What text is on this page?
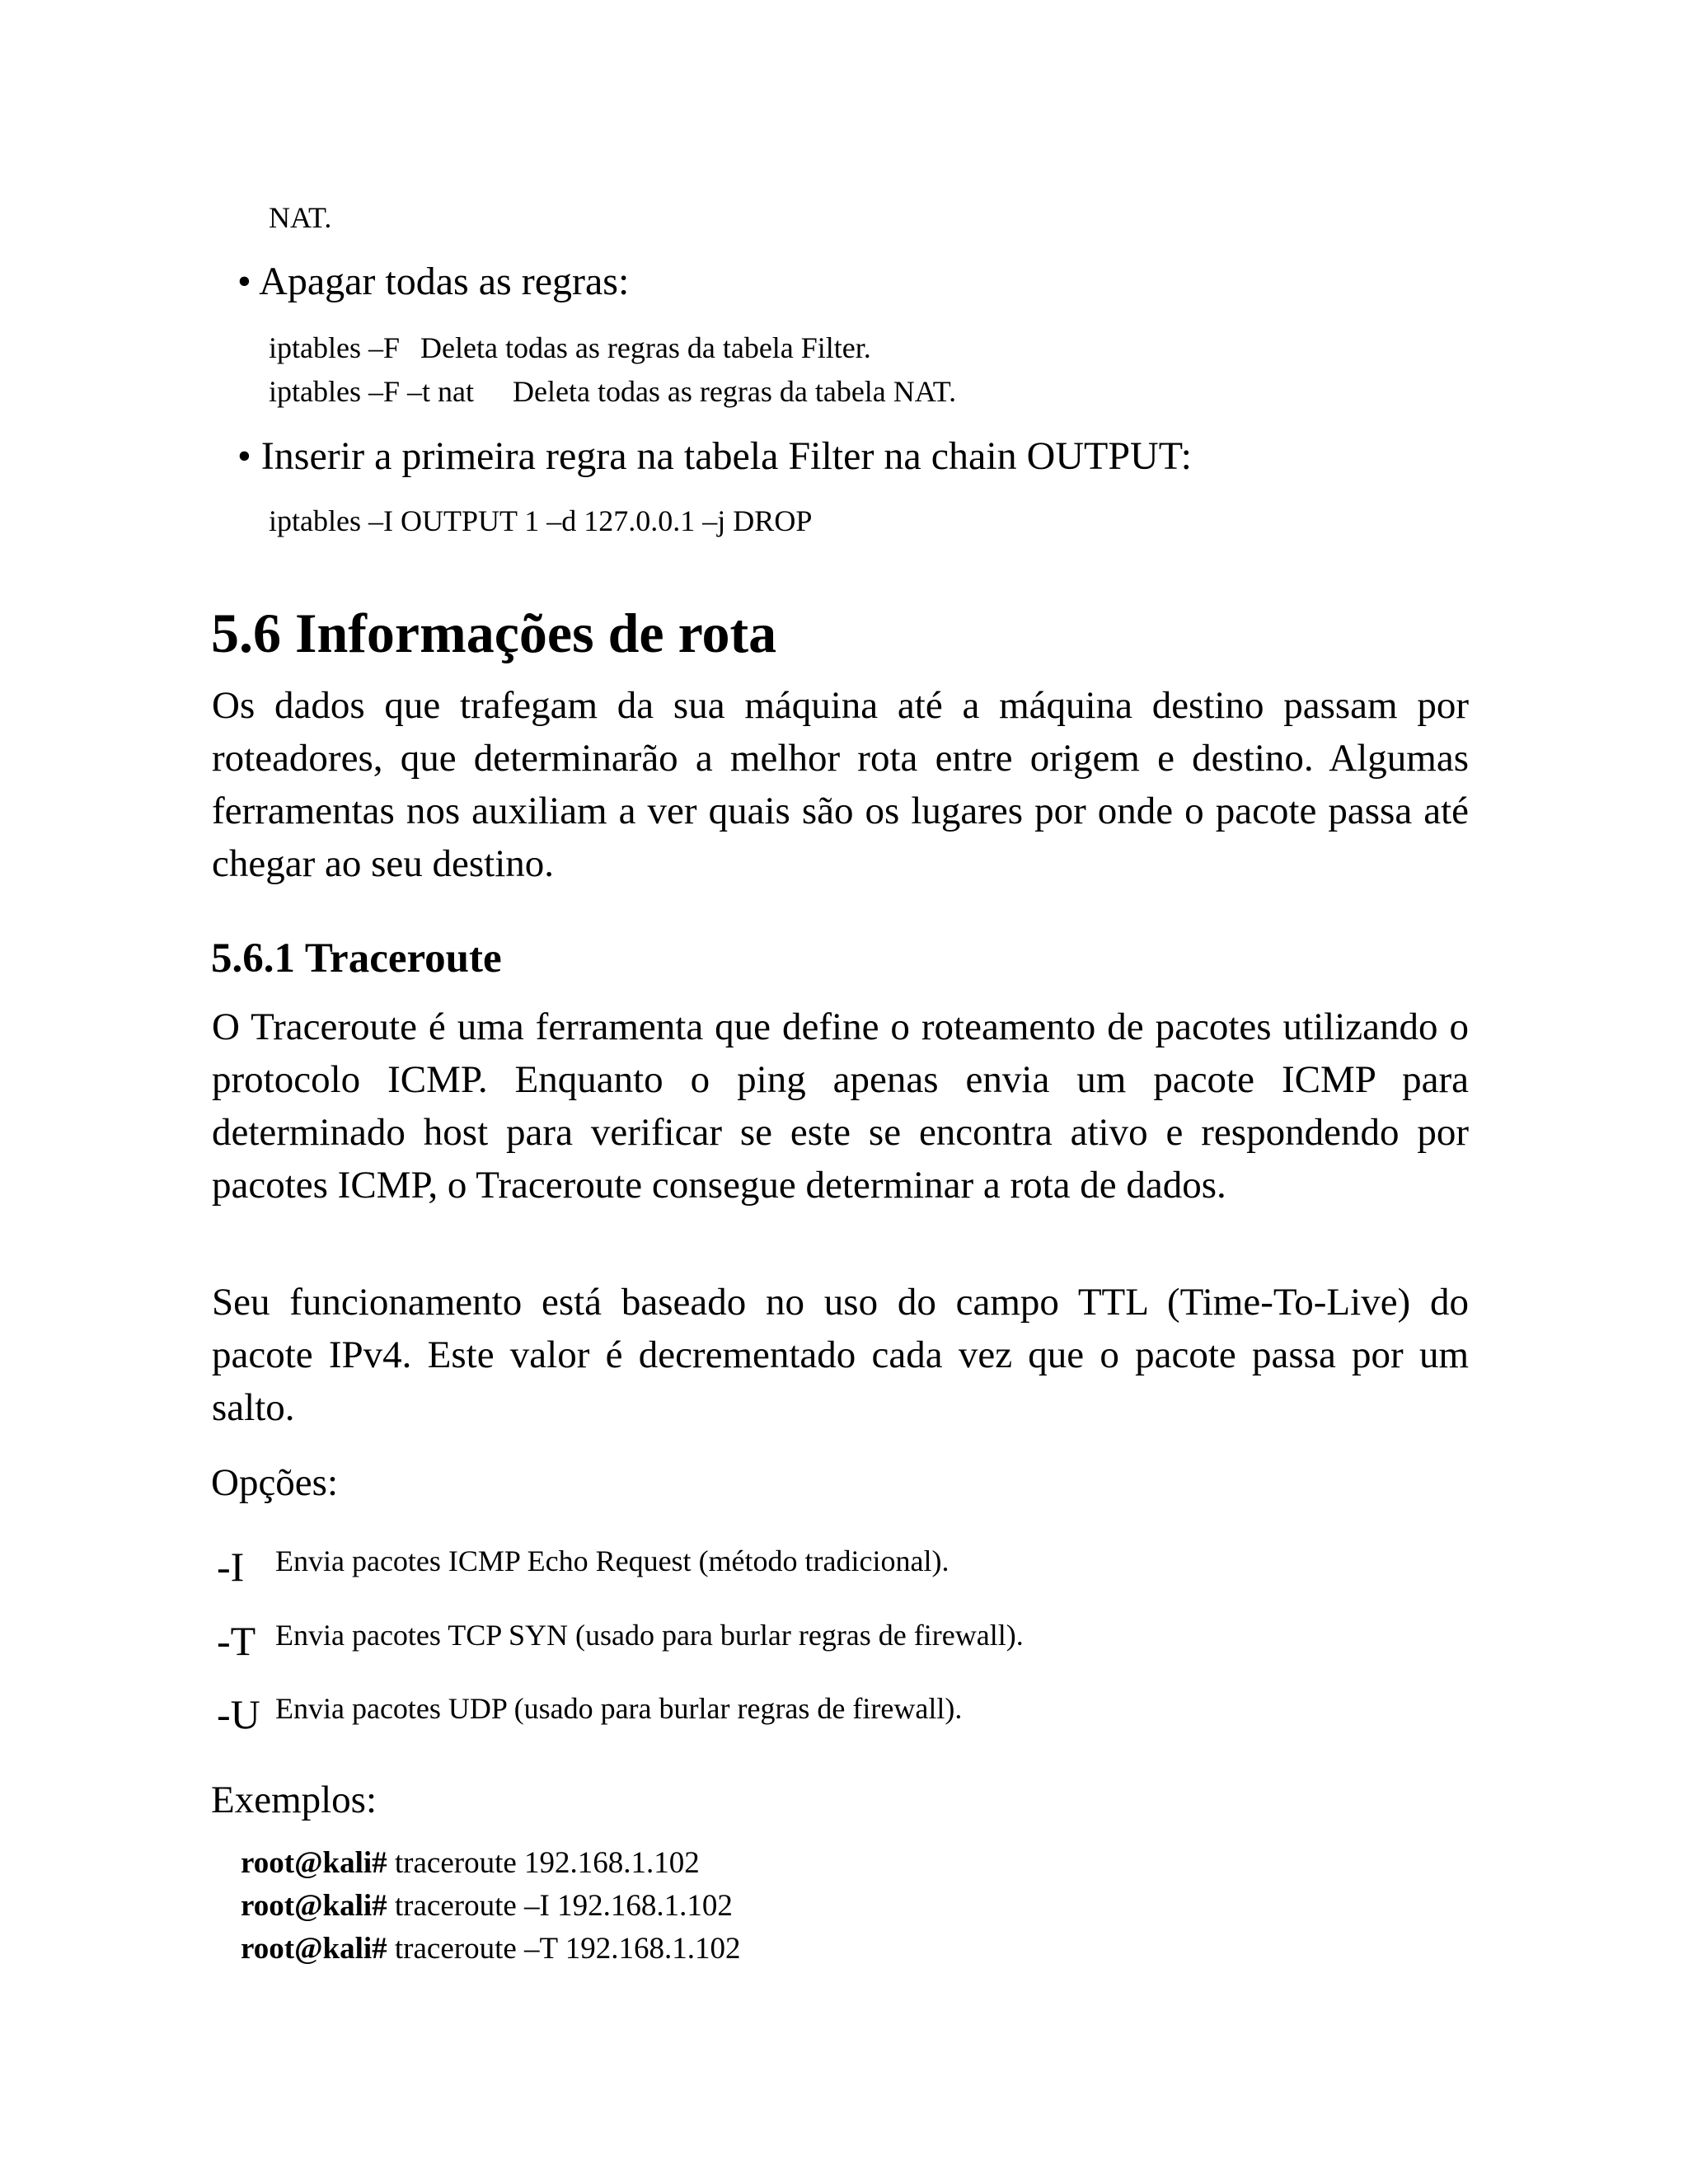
NAT.
• Apagar todas as regras:
iptables –F Deleta todas as regras da tabela Filter.
iptables –F –t nat Deleta todas as regras da tabela NAT.
• Inserir a primeira regra na tabela Filter na chain OUTPUT:
iptables –I OUTPUT 1 –d 127.0.0.1 –j DROP
5.6 Informações de rota
Os dados que trafegam da sua máquina até a máquina destino passam por roteadores, que determinarão a melhor rota entre origem e destino. Algumas ferramentas nos auxiliam a ver quais são os lugares por onde o pacote passa até chegar ao seu destino.
5.6.1 Traceroute
O Traceroute é uma ferramenta que define o roteamento de pacotes utilizando o protocolo ICMP. Enquanto o ping apenas envia um pacote ICMP para determinado host para verificar se este se encontra ativo e respondendo por pacotes ICMP, o Traceroute consegue determinar a rota de dados.
Seu funcionamento está baseado no uso do campo TTL (Time-To-Live) do pacote IPv4. Este valor é decrementado cada vez que o pacote passa por um salto.
Opções:
-I Envia pacotes ICMP Echo Request (método tradicional).
-T Envia pacotes TCP SYN (usado para burlar regras de firewall).
-U Envia pacotes UDP (usado para burlar regras de firewall).
Exemplos:
root@kali# traceroute 192.168.1.102
root@kali# traceroute –I 192.168.1.102
root@kali# traceroute –T 192.168.1.102
